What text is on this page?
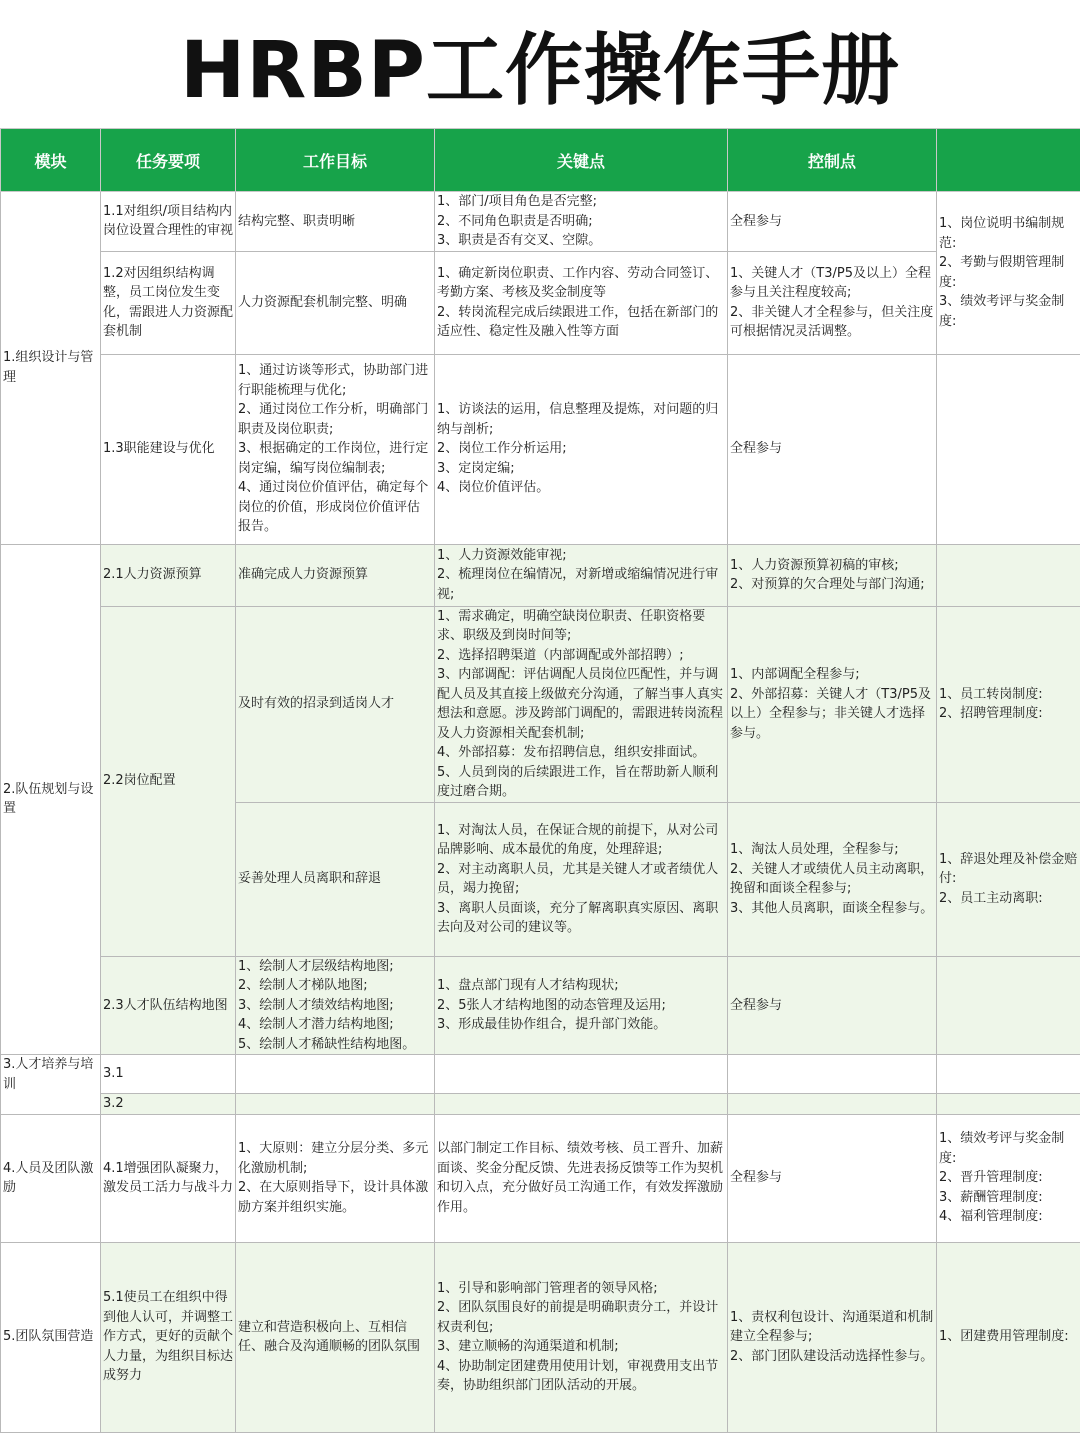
HRBP工作操作手册
模块	任务要项	工作目标	关键点	控制点	
1.组织设计与管理	1.1对组织/项目结构内岗位设置合理性的审视	结构完整、职责明晰	1、部门/项目角色是否完整;
2、不同角色职责是否明确;
3、职责是否有交叉、空隙。	全程参与	1、岗位说明书编制规范:
2、考勤与假期管理制度:
3、绩效考评与奖金制度:
	1.2对因组织结构调整，员工岗位发生变化，需跟进人力资源配套机制	人力资源配套机制完整、明确	1、确定新岗位职责、工作内容、劳动合同签订、考勤方案、考核及奖金制度等
2、转岗流程完成后续跟进工作，包括在新部门的适应性、稳定性及融入性等方面	1、关键人才（T3/P5及以上）全程参与且关注程度较高;
2、非关键人才全程参与，但关注度可根据情况灵活调整。	
	1.3职能建设与优化	1、通过访谈等形式，协助部门进行职能梳理与优化;
2、通过岗位工作分析，明确部门职责及岗位职责;
3、根据确定的工作岗位，进行定岗定编，编写岗位编制表;
4、通过岗位价值评估，确定每个岗位的价值，形成岗位价值评估报告。	1、访谈法的运用，信息整理及提炼，对问题的归纳与剖析;
2、岗位工作分析运用;
3、定岗定编;
4、岗位价值评估。	全程参与	
2.队伍规划与设置	2.1人力资源预算	准确完成人力资源预算	1、人力资源效能审视;
2、梳理岗位在编情况，对新增或缩编情况进行审视;	1、人力资源预算初稿的审核;
2、对预算的欠合理处与部门沟通;	
	2.2岗位配置	及时有效的招录到适岗人才	1、需求确定，明确空缺岗位职责、任职资格要求、职级及到岗时间等;
2、选择招聘渠道（内部调配或外部招聘）;
3、内部调配：评估调配人员岗位匹配性，并与调配人员及其直接上级做充分沟通，了解当事人真实想法和意愿。涉及跨部门调配的，需跟进转岗流程及人力资源相关配套机制;
4、外部招募：发布招聘信息，组织安排面试。
5、人员到岗的后续跟进工作，旨在帮助新人顺利度过磨合期。	1、内部调配全程参与;
2、外部招募：关键人才（T3/P5及以上）全程参与；非关键人才选择参与。	1、员工转岗制度:
2、招聘管理制度:
		妥善处理人员离职和辞退	1、对淘汰人员，在保证合规的前提下，从对公司品牌影响、成本最优的角度，处理辞退;
2、对主动离职人员，尤其是关键人才或者绩优人员，竭力挽留;
3、离职人员面谈，充分了解离职真实原因、离职去向及对公司的建议等。	1、淘汰人员处理，全程参与;
2、关键人才或绩优人员主动离职，挽留和面谈全程参与;
3、其他人员离职，面谈全程参与。	1、辞退处理及补偿金赔付:
2、员工主动离职:
	2.3人才队伍结构地图	1、绘制人才层级结构地图;
2、绘制人才梯队地图;
3、绘制人才绩效结构地图;
4、绘制人才潜力结构地图;
5、绘制人才稀缺性结构地图。	1、盘点部门现有人才结构现状;
2、5张人才结构地图的动态管理及运用;
3、形成最佳协作组合，提升部门效能。	全程参与	
3.人才培养与培训	3.1				
	3.2				
4.人员及团队激励	4.1增强团队凝聚力，激发员工活力与战斗力	1、大原则：建立分层分类、多元化激励机制;
2、在大原则指导下，设计具体激励方案并组织实施。	以部门制定工作目标、绩效考核、员工晋升、加薪面谈、奖金分配反馈、先进表扬反馈等工作为契机和切入点，充分做好员工沟通工作，有效发挥激励作用。	全程参与	1、绩效考评与奖金制度:
2、晋升管理制度:
3、薪酬管理制度:
4、福利管理制度:
5.团队氛围营造	5.1使员工在组织中得到他人认可，并调整工作方式，更好的贡献个人力量，为组织目标达成努力	建立和营造积极向上、互相信任、融合及沟通顺畅的团队氛围	1、引导和影响部门管理者的领导风格;
2、团队氛围良好的前提是明确职责分工，并设计权责利包;
3、建立顺畅的沟通渠道和机制;
4、协助制定团建费用使用计划，审视费用支出节奏，协助组织部门团队活动的开展。	1、责权利包设计、沟通渠道和机制建立全程参与;
2、部门团队建设活动选择性参与。	1、团建费用管理制度:
